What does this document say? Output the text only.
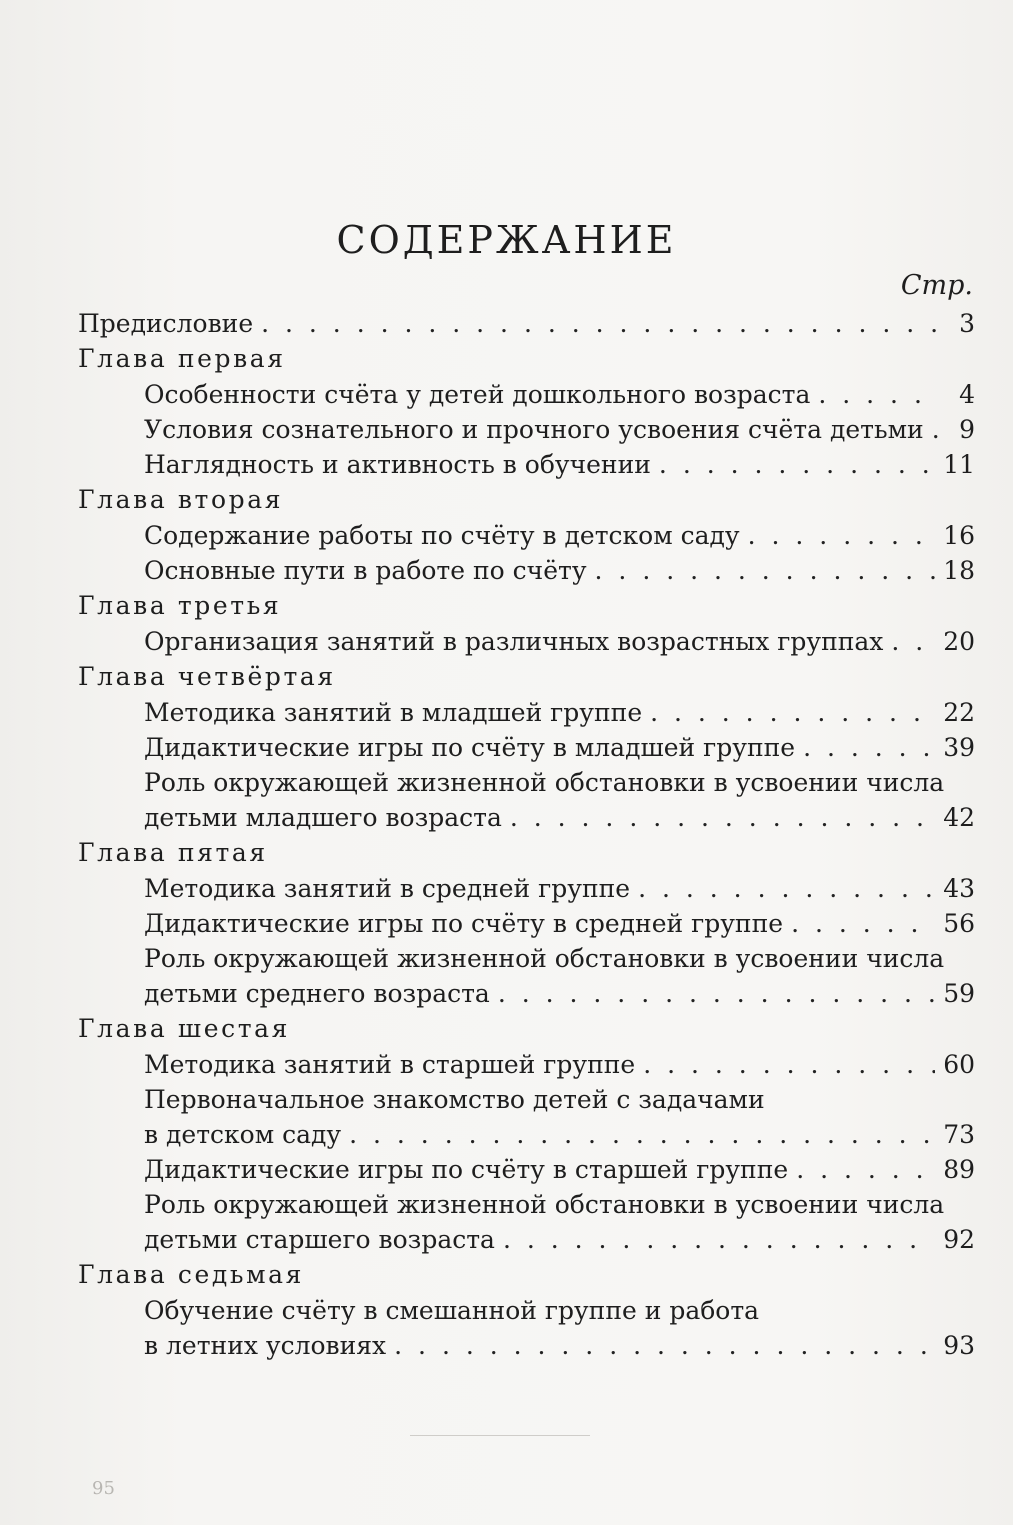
СОДЕРЖАНИЕ
Стр.
Предисловие . . .	3
Глава первая
Особенности счёта у детей дошкольного возраста . . .	4
Условия сознательного и прочного усвоения счёта детьми . . .	9
Наглядность и активность в обучении . . .	11
Глава вторая
Содержание работы по счёту в детском саду . . .	16
Основные пути в работе по счёту . . .	18
Глава третья
Организация занятий в различных возрастных группах . . . 20
Глава четвёртая
Методика занятий в младшей группе . . .	22
Дидактические игры по счёту в младшей группе . . .	39
Роль окружающей жизненной обстановки в усвоении числа
детьми младшего возраста . . .	42
Глава пятая
Методика занятий в средней группе . . .	43
Дидактические игры по счёту в средней группе . . .	56
Роль окружающей жизненной обстановки в усвоении числа
детьми среднего возраста . . .	59
Глава шестая
Методика занятий в старшей группе . . .	60
Первоначальное знакомство детей с задачами
в детском саду . . .	73
Дидактические игры по счёту в старшей группе . . .	89
Роль окружающей жизненной обстановки в усвоении числа
детьми старшего возраста . . .	92
Глава седьмая
Обучение счёту в смешанной группе и работа
в летних условиях . . .	93
95
